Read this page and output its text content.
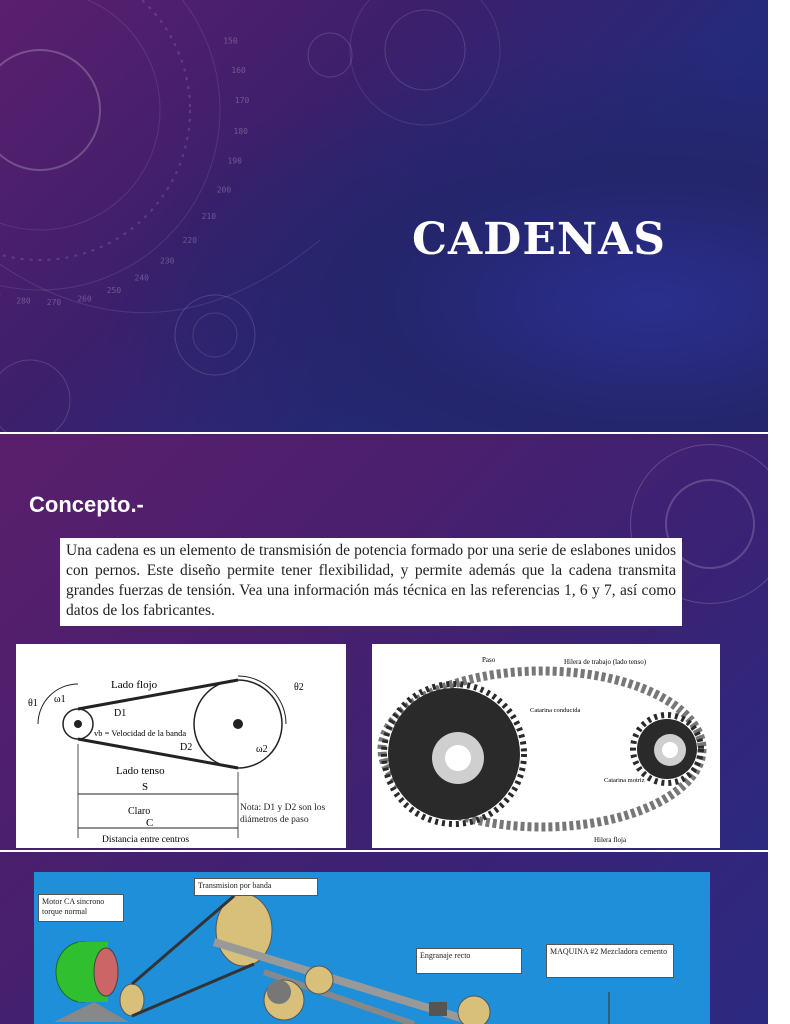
150
160
170
180
190
200
210
220
230
240
250
260
270
280
CADENAS
Concepto.-
Una cadena es un elemento de transmisión de potencia formado por una serie de eslabones unidos con pernos. Este diseño permite tener flexibilidad, y permite además que la cadena transmita grandes fuerzas de tensión. Vea una información más técnica en las referencias 1, 6 y 7, así como datos de los fabricantes.
Lado flojo
Lado tenso
θ1
θ2
ω1
ω2
D1
D2
vb = Velocidad de la banda
S
Claro
C
Distancia entre centros
Nota: D1 y D2 son los diámetros de paso
Paso	Hilera de trabajo (lado tenso)
Catarina conducida
Catarina motriz
Hilera floja
Motor CA sincrono torque normal
Transmision por banda
Engranaje recto	MAQUINA #2 Mezcladora cemento
